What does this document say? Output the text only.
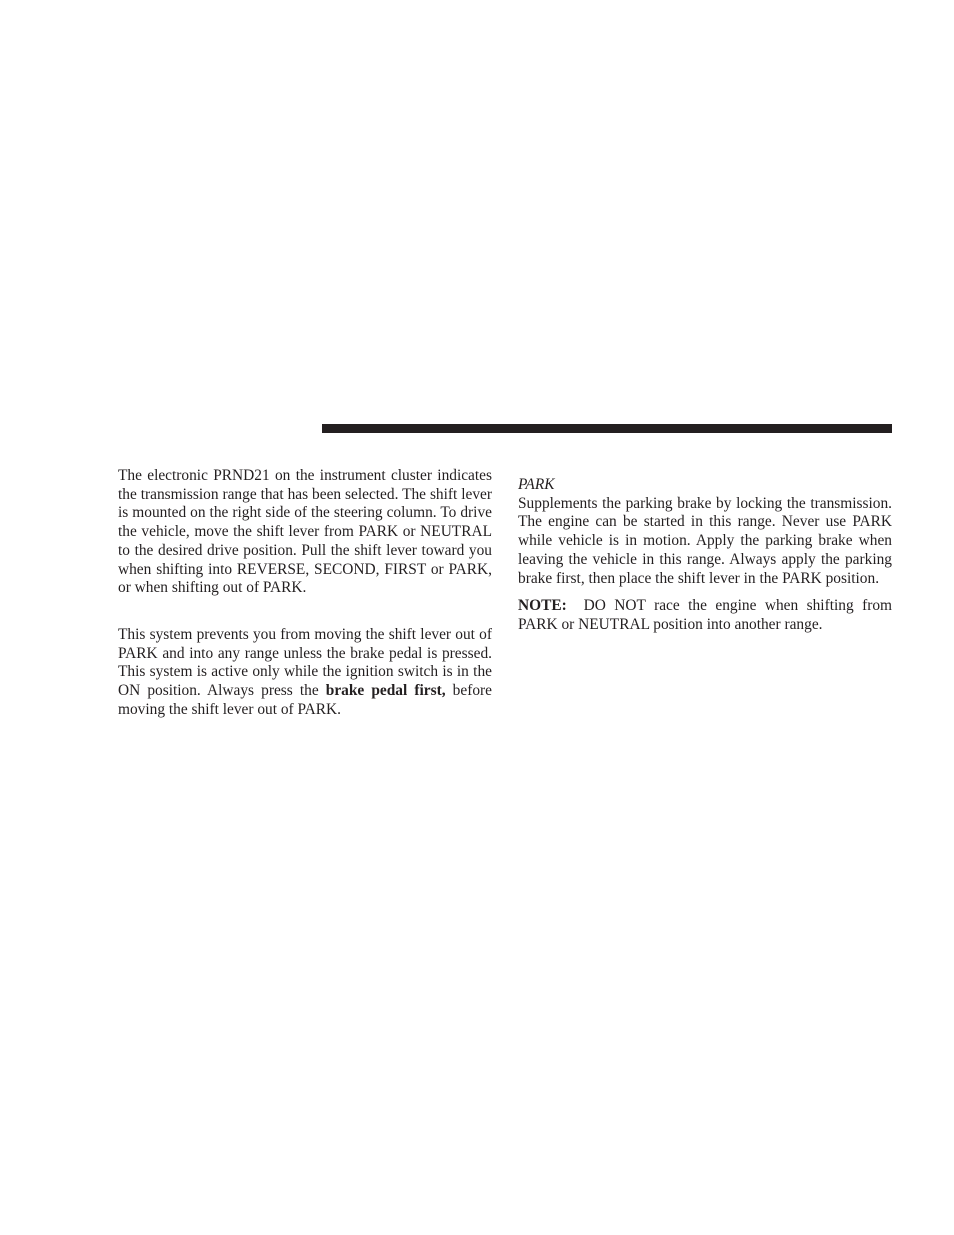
The electronic PRND21 on the instrument cluster indicates the transmission range that has been selected. The shift lever is mounted on the right side of the steering column. To drive the vehicle, move the shift lever from PARK or NEUTRAL to the desired drive position. Pull the shift lever toward you when shifting into REVERSE, SECOND, FIRST or PARK, or when shifting out of PARK.

This system prevents you from moving the shift lever out of PARK and into any range unless the brake pedal is pressed. This system is active only while the ignition switch is in the ON position. Always press the brake pedal first, before moving the shift lever out of PARK.

PARK

Supplements the parking brake by locking the transmission. The engine can be started in this range. Never use PARK while vehicle is in motion. Apply the parking brake when leaving the vehicle in this range. Always apply the parking brake first, then place the shift lever in the PARK position.

NOTE: DO NOT race the engine when shifting from PARK or NEUTRAL position into another range.
